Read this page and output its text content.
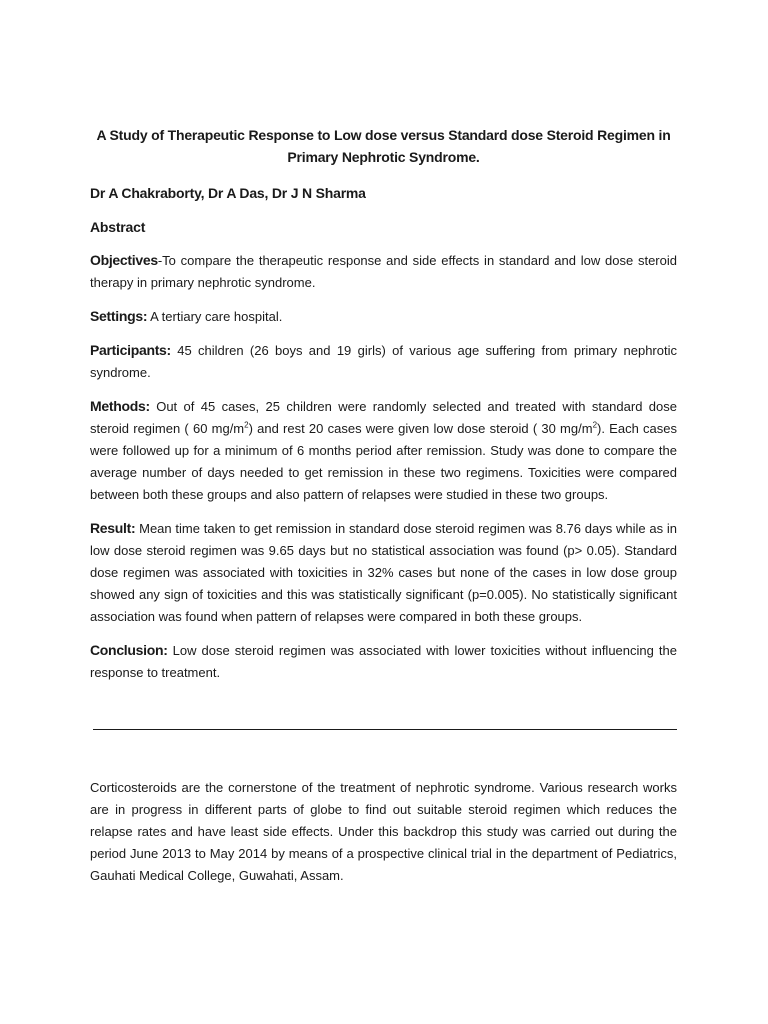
A Study of Therapeutic Response to Low dose versus Standard dose Steroid Regimen in Primary Nephrotic Syndrome.

Dr A Chakraborty, Dr A Das, Dr J N Sharma
Abstract

Objectives-To compare the therapeutic response and side effects in standard and low dose steroid therapy in primary nephrotic syndrome.

Settings: A tertiary care hospital.

Participants: 45 children (26 boys and 19 girls) of various age suffering from primary nephrotic syndrome.

Methods: Out of 45 cases, 25 children were randomly selected and treated with standard dose steroid regimen ( 60 $mg/m^2$) and rest 20 cases were given low dose steroid ( 30 $mg/m^2$). Each cases were followed up for a minimum of 6 months period after remission. Study was done to compare the average number of days needed to get remission in these two regimens. Toxicities were compared between both these groups and also pattern of relapses were studied in these two groups.

Result: Mean time taken to get remission in standard dose steroid regimen was 8.76 days while as in low dose steroid regimen was 9.65 days but no statistical association was found (p> 0.05). Standard dose regimen was associated with toxicities in 32% cases but none of the cases in low dose group showed any sign of toxicities and this was statistically significant (p=0.005). No statistically significant association was found when pattern of relapses were compared in both these groups.

Conclusion: Low dose steroid regimen was associated with lower toxicities without influencing the response to treatment.

Corticosteroids are the cornerstone of the treatment of nephrotic syndrome. Various research works are in progress in different parts of globe to find out suitable steroid regimen which reduces the relapse rates and have least side effects. Under this backdrop this study was carried out during the period June 2013 to May 2014 by means of a prospective clinical trial in the department of Pediatrics, Gauhati Medical College, Guwahati, Assam.
